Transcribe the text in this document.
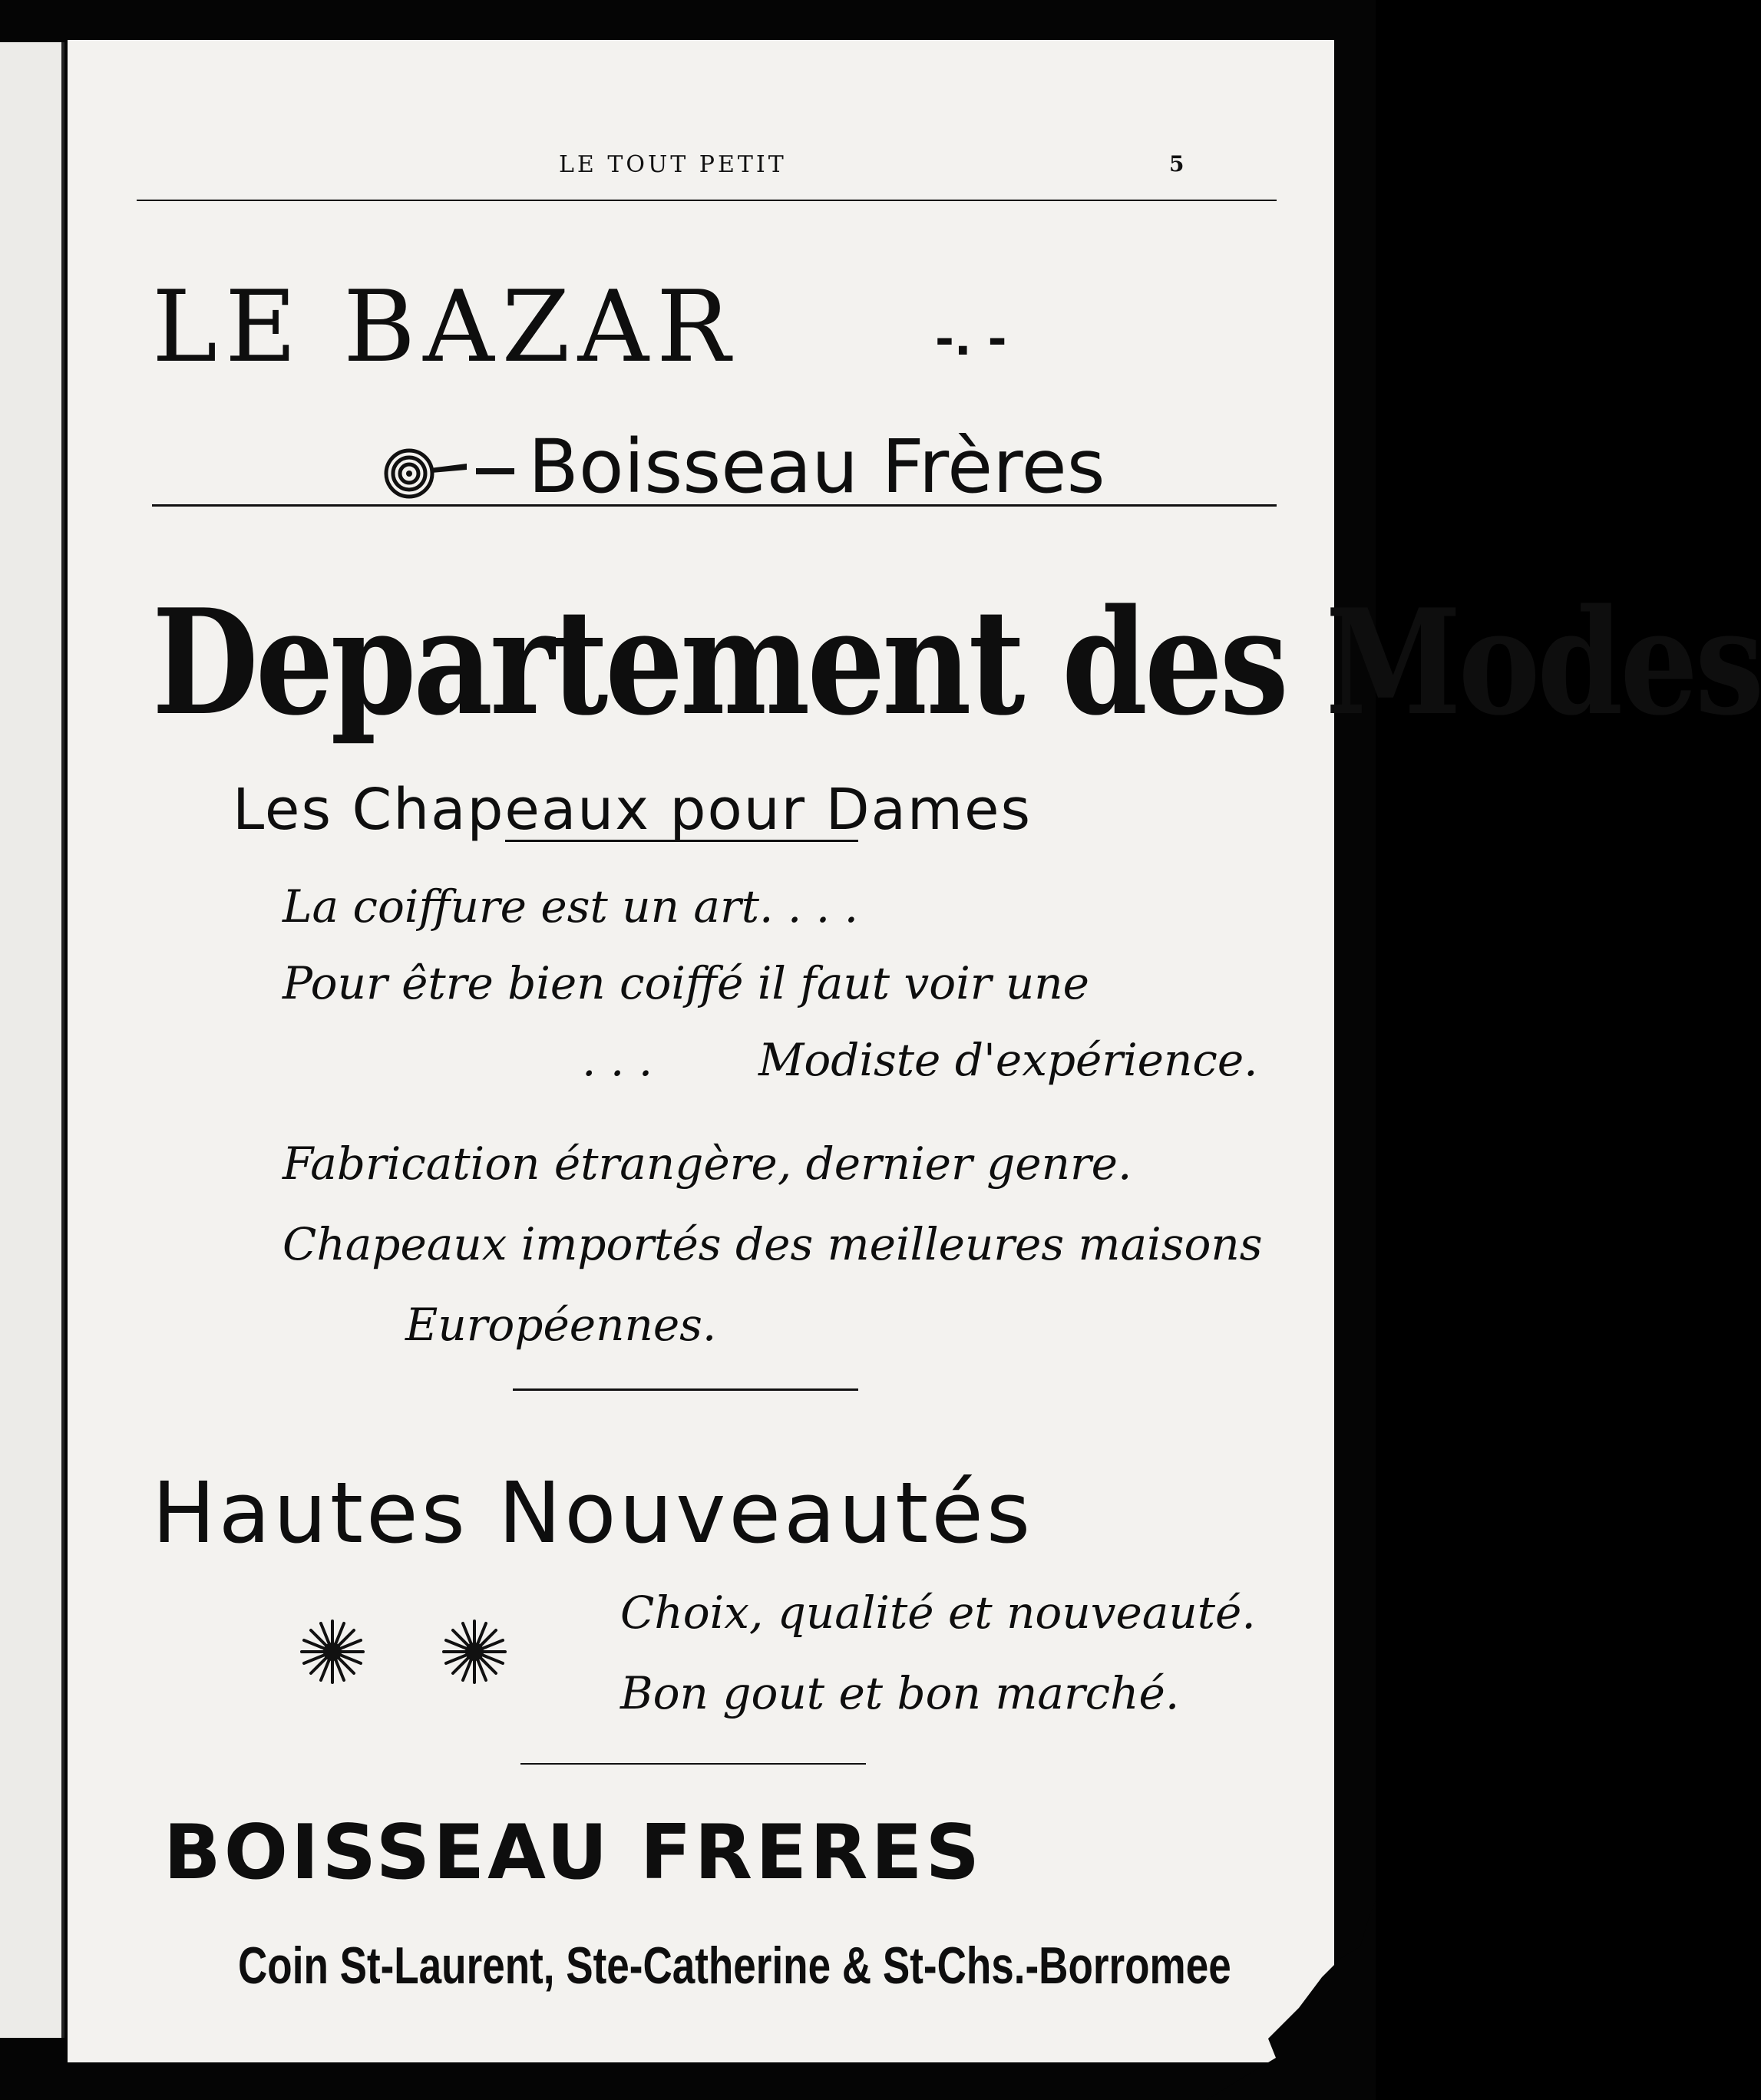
LE TOUT PETIT	5
LE BAZAR	-. -
Boisseau Frères
Departement des Modes
Les Chapeaux pour Dames
La coiffure est un art. . . .
Pour être bien coiffé il faut voir une
. . . Modiste d'expérience.
Fabrication étrangère, dernier genre.
Chapeaux importés des meilleures maisons
Européennes.
Hautes Nouveautés
Choix, qualité et nouveauté.
Bon gout et bon marché.
BOISSEAU FRERES
Coin St-Laurent, Ste-Catherine & St-Chs.-Borromee
